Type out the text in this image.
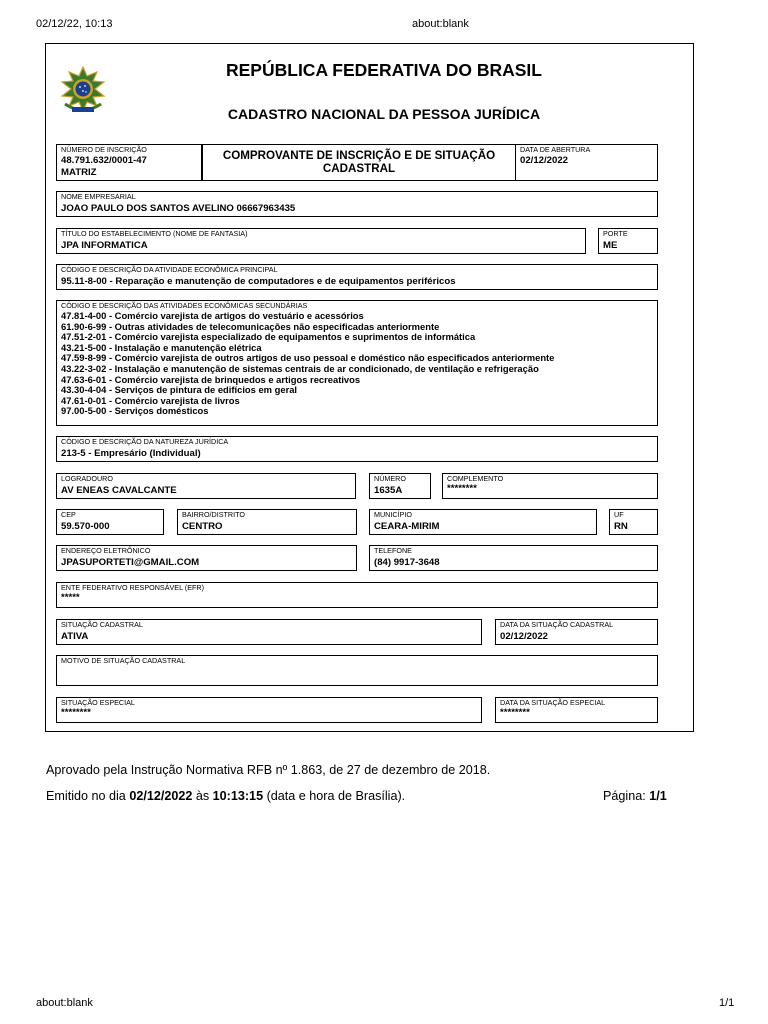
02/12/22, 10:13	about:blank
about:blank	1/1
REPÚBLICA FEDERATIVA DO BRASIL
CADASTRO NACIONAL DA PESSOA JURÍDICA
NÚMERO DE INSCRIÇÃO
48.791.632/0001-47
MATRIZ
COMPROVANTE DE INSCRIÇÃO E DE SITUAÇÃO
CADASTRAL
DATA DE ABERTURA
02/12/2022
NOME EMPRESARIAL
JOAO PAULO DOS SANTOS AVELINO 06667963435
TÍTULO DO ESTABELECIMENTO (NOME DE FANTASIA)
JPA INFORMATICA
PORTE
ME
CÓDIGO E DESCRIÇÃO DA ATIVIDADE ECONÔMICA PRINCIPAL
95.11-8-00 - Reparação e manutenção de computadores e de equipamentos periféricos
CÓDIGO E DESCRIÇÃO DAS ATIVIDADES ECONÔMICAS SECUNDÁRIAS
47.81-4-00 - Comércio varejista de artigos do vestuário e acessórios
61.90-6-99 - Outras atividades de telecomunicações não especificadas anteriormente
47.51-2-01 - Comércio varejista especializado de equipamentos e suprimentos de informática
43.21-5-00 - Instalação e manutenção elétrica
47.59-8-99 - Comércio varejista de outros artigos de uso pessoal e doméstico não especificados anteriormente
43.22-3-02 - Instalação e manutenção de sistemas centrais de ar condicionado, de ventilação e refrigeração
47.63-6-01 - Comércio varejista de brinquedos e artigos recreativos
43.30-4-04 - Serviços de pintura de edifícios em geral
47.61-0-01 - Comércio varejista de livros
97.00-5-00 - Serviços domésticos
CÓDIGO E DESCRIÇÃO DA NATUREZA JURÍDICA
213-5 - Empresário (Individual)
LOGRADOURO
AV ENEAS CAVALCANTE
NÚMERO
1635A
COMPLEMENTO
********
CEP
59.570-000
BAIRRO/DISTRITO
CENTRO
MUNICÍPIO
CEARA-MIRIM
UF
RN
ENDEREÇO ELETRÔNICO
JPASUPORTETI@GMAIL.COM
TELEFONE
(84) 9917-3648
ENTE FEDERATIVO RESPONSÁVEL (EFR)
*****
SITUAÇÃO CADASTRAL
ATIVA
DATA DA SITUAÇÃO CADASTRAL
02/12/2022
MOTIVO DE SITUAÇÃO CADASTRAL
SITUAÇÃO ESPECIAL
********
DATA DA SITUAÇÃO ESPECIAL
********
Aprovado pela Instrução Normativa RFB nº 1.863, de 27 de dezembro de 2018.
Emitido no dia 02/12/2022 às 10:13:15 (data e hora de Brasília).	Página: 1/1
